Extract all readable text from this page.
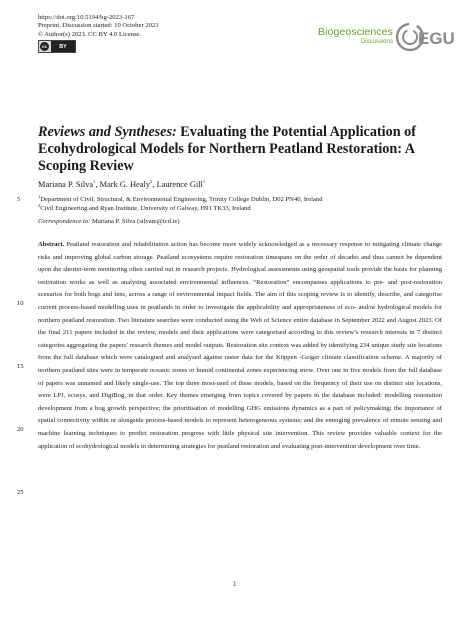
https://doi.org/10.5194/bg-2023-167
Preprint. Discussion started: 10 October 2023
© Author(s) 2023. CC BY 4.0 License.
cc	BY
Biogeosciences
Discussions EGU
Reviews and Syntheses: Evaluating the Potential Application of Ecohydrological Models for Northern Peatland Restoration: A Scoping Review
Mariana P. Silva$^1$, Mark G. Healy$^2$, Laurence Gill$^1$
$^1$Department of Civil, Structural, & Environmental Engineering, Trinity College Dublin, D02 PN40, Ireland
$^2$Civil Engineering and Ryan Institute, University of Galway, H91 TK33, Ireland
Correspondence to: Mariana P. Silva (silvam@tcd.ie)
5
10
15
20
25
Abstract. Peatland restoration and rehabilitation action has become more widely acknowledged as a necessary response to mitigating climate change risks and improving global carbon storage. Peatland ecosystems require restoration timespans on the order of decades and thus cannot be dependent upon the shorter-term monitoring often carried out in research projects. Hydrological assessments using geospatial tools provide the basis for planning restoration works as well as analysing associated environmental influences. “Restoration” encompasses applications to pre- and post-restoration scenarios for both bogs and fens, across a range of environmental impact fields. The aim of this scoping review is to identify, describe, and categorise current process-based modelling uses in peatlands in order to investigate the applicability and appropriateness of eco- and/or hydrological models for northern peatland restoration. Two literature searches were conducted using the Web of Science entire database in September 2022 and August 2023. Of the final 211 papers included in the review, models and their applications were categorised according to this review’s research interests in 7 distinct categories aggregating the papers' research themes and model outputs. Restoration site context was added by identifying 234 unique study site locations from the full database which were catalogued and analysed against raster data for the Köppen -Geiger climate classification scheme. A majority of northern peatland sites were in temperate oceanic zones or humid continental zones experiencing snow. Over one in five models from the full database of papers was unnamed and likely single-use. The top three most-used of these models, based on the frequency of their use on distinct site locations, were LPJ, ecosys, and DigiBog, in that order. Key themes emerging from topics covered by papers in the database included: modelling restoration development from a bog growth perspective; the prioritisation of modelling GHG emissions dynamics as a part of policymaking; the importance of spatial connectivity within or alongside process-based models to represent heterogeneous systems; and the emerging prevalence of remote sensing and machine learning techniques to predict restoration progress with little physical site intervention. This review provides valuable context for the application of ecohydrological models in determining strategies for peatland restoration and evaluating post-intervention development over time.
1
